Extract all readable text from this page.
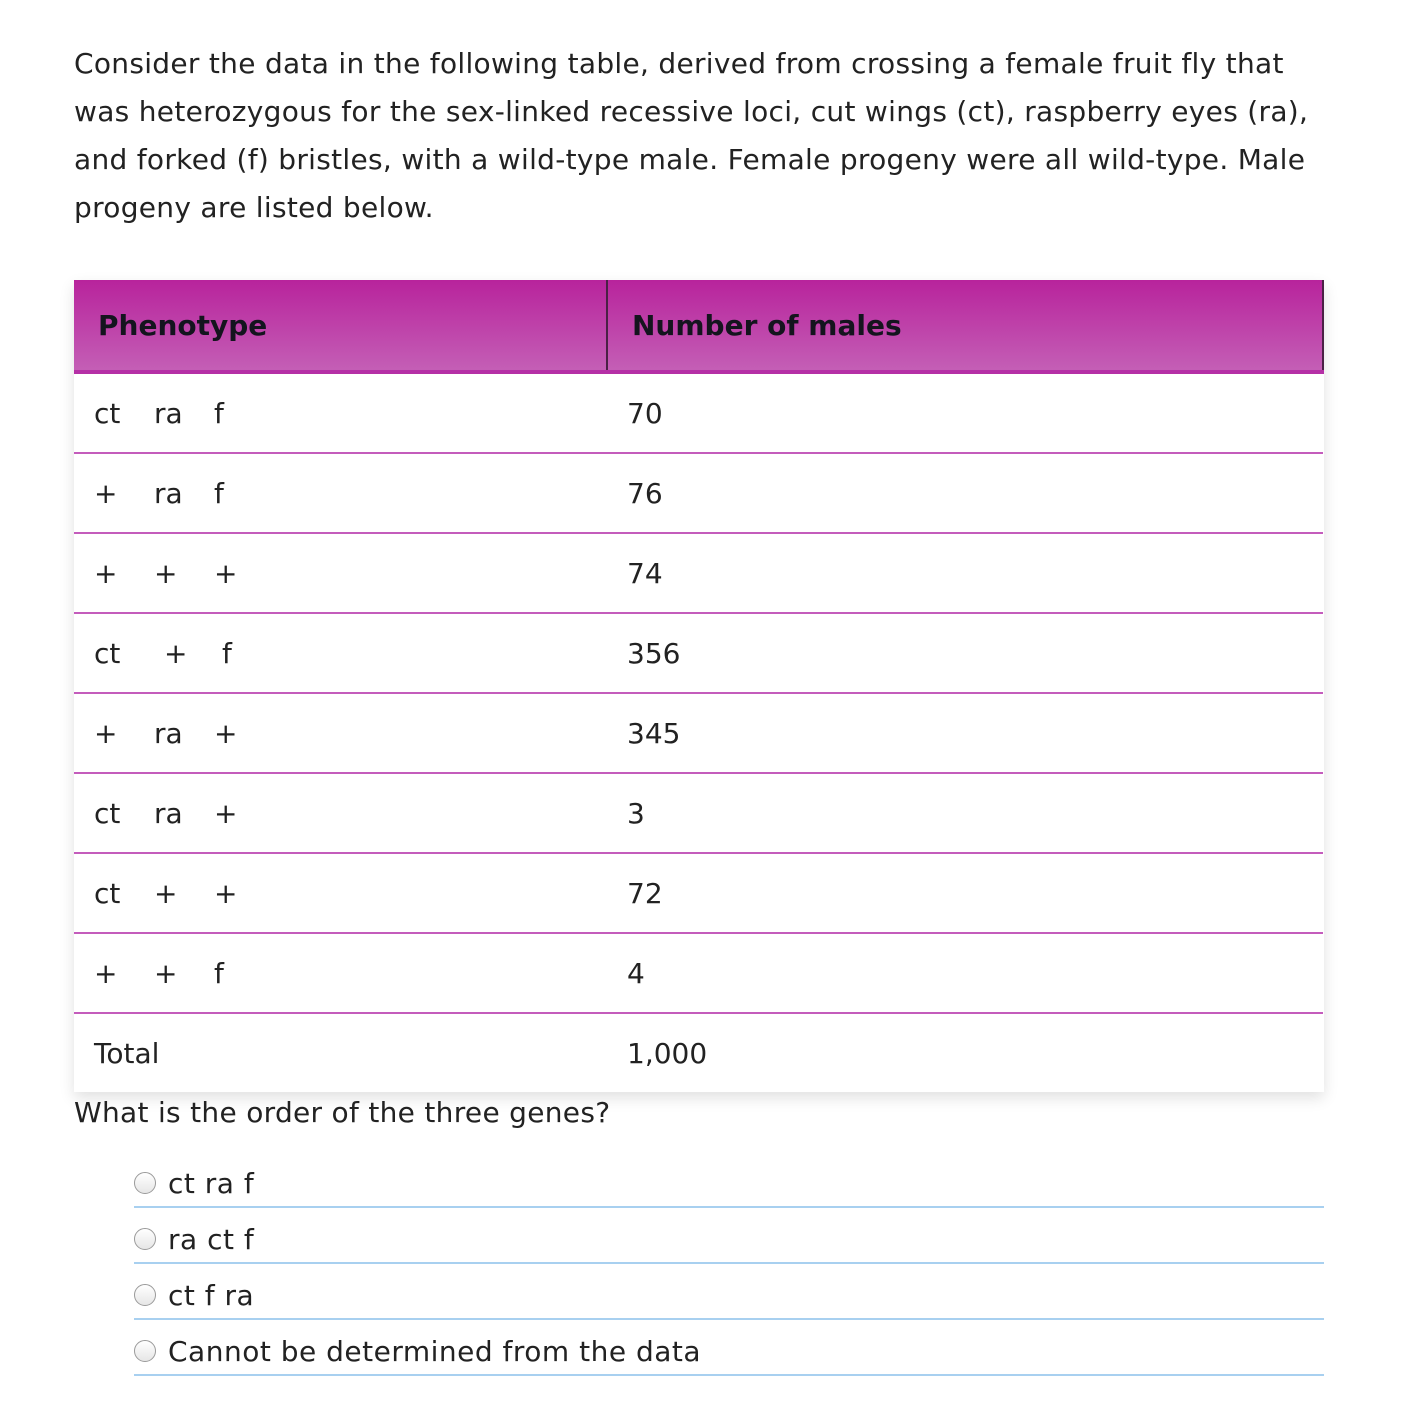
Consider the data in the following table, derived from crossing a female fruit fly that was heterozygous for the sex-linked recessive loci, cut wings (ct), raspberry eyes (ra), and forked (f) bristles, with a wild-type male. Female progeny were all wild-type. Male progeny are listed below.

Phenotype	Number of males
ct ra f	70
+ ra f	76
+ + +	74
ct + f	356
+ ra +	345
ct ra +	3
ct + +	72
+ + f	4
Total	1,000
What is the order of the three genes?
ct ra f
ra ct f
ct f ra
Cannot be determined from the data
